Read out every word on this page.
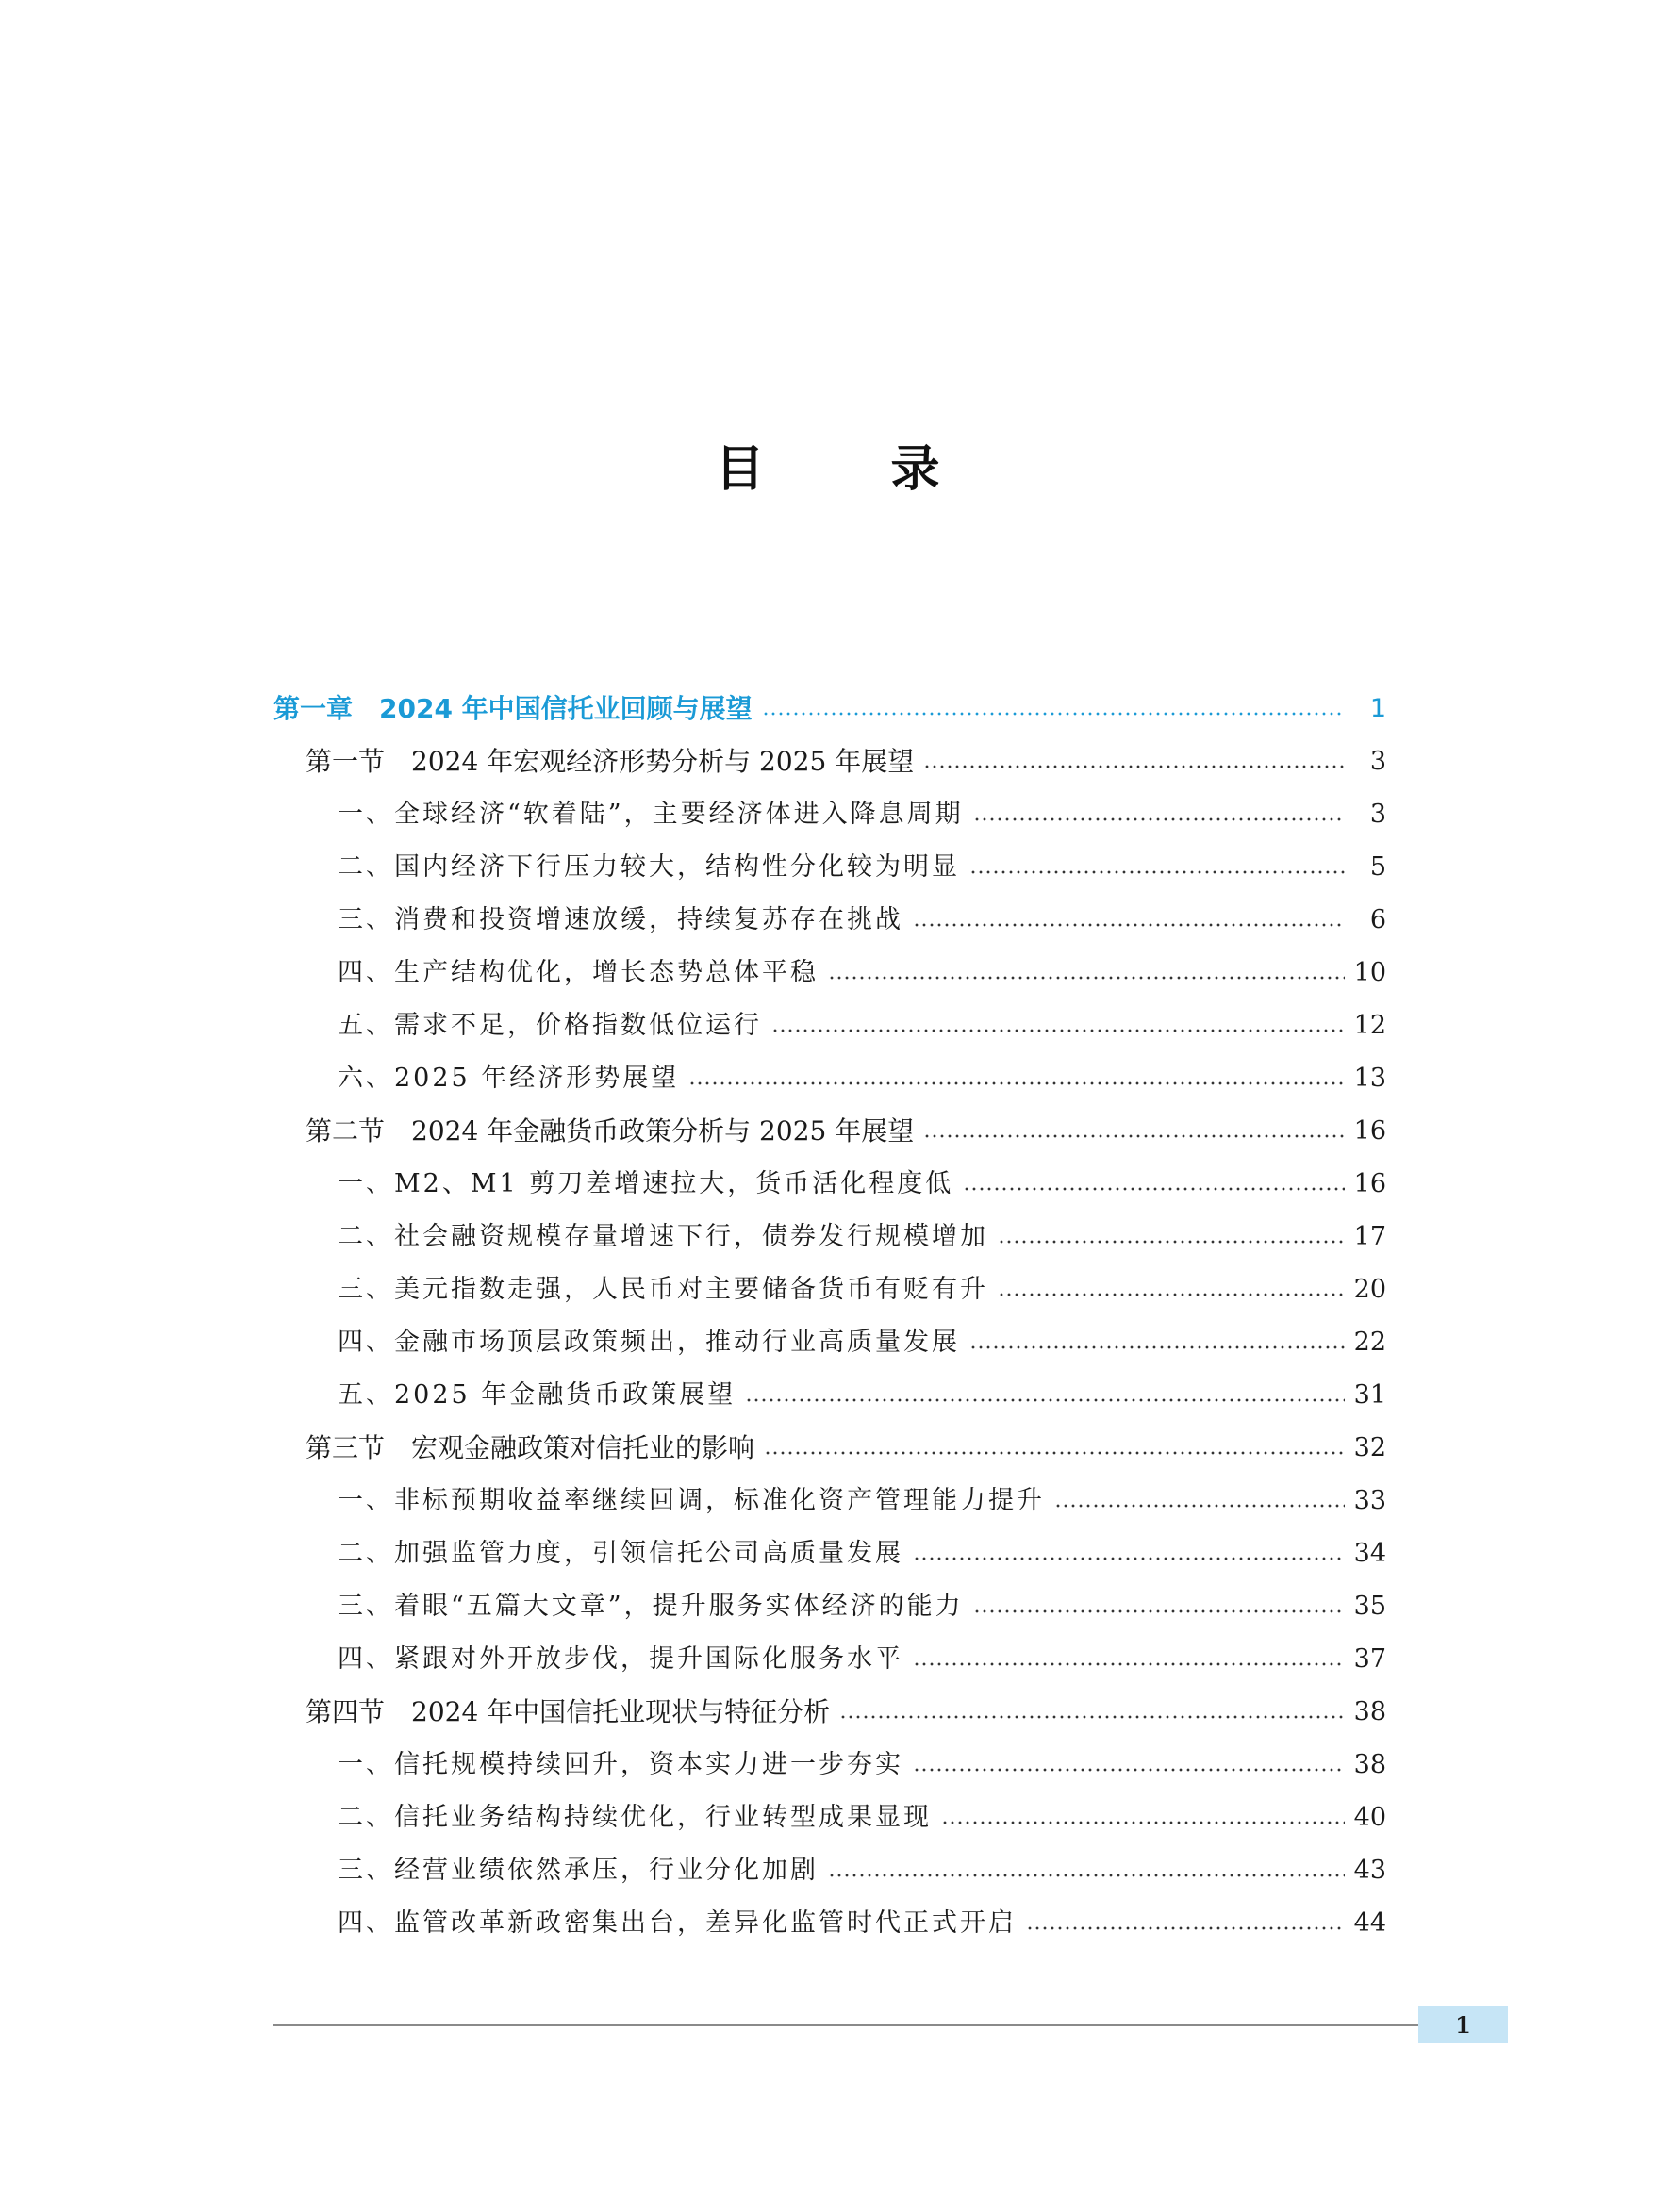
目 录
第一章　2024 年中国信托业回顾与展望	1
第一节　2024 年宏观经济形势分析与 2025 年展望	3
一、全球经济“软着陆”，主要经济体进入降息周期	3
二、国内经济下行压力较大，结构性分化较为明显	5
三、消费和投资增速放缓，持续复苏存在挑战	6
四、生产结构优化，增长态势总体平稳	10
五、需求不足，价格指数低位运行	12
六、2025 年经济形势展望	13
第二节　2024 年金融货币政策分析与 2025 年展望	16
一、M2、M1 剪刀差增速拉大，货币活化程度低	16
二、社会融资规模存量增速下行，债券发行规模增加	17
三、美元指数走强，人民币对主要储备货币有贬有升	20
四、金融市场顶层政策频出，推动行业高质量发展	22
五、2025 年金融货币政策展望	31
第三节　宏观金融政策对信托业的影响	32
一、非标预期收益率继续回调，标准化资产管理能力提升	33
二、加强监管力度，引领信托公司高质量发展	34
三、着眼“五篇大文章”，提升服务实体经济的能力	35
四、紧跟对外开放步伐，提升国际化服务水平	37
第四节　2024 年中国信托业现状与特征分析	38
一、信托规模持续回升，资本实力进一步夯实	38
二、信托业务结构持续优化，行业转型成果显现	40
三、经营业绩依然承压，行业分化加剧	43
四、监管改革新政密集出台，差异化监管时代正式开启	44
1
